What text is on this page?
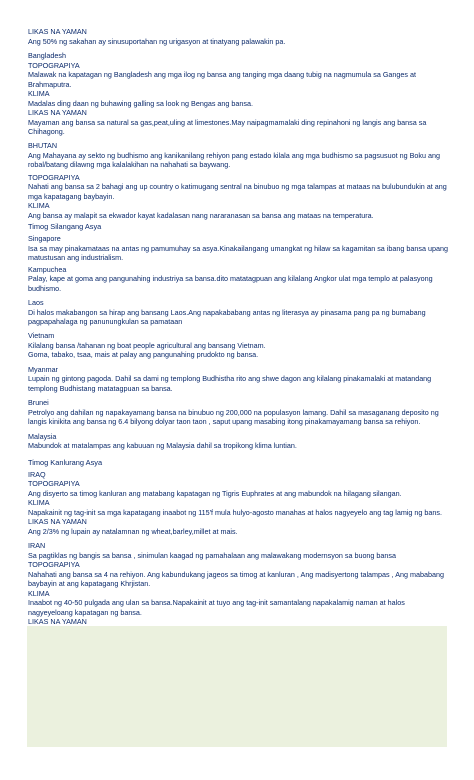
LIKAS NA YAMAN

Ang 50% ng sakahan ay sinusuportahan ng urigasyon at tinatyang palawakin pa.

Bangladesh

TOPOGRAPIYA

Malawak na kapatagan ng Bangladesh ang mga ilog ng bansa ang tanging mga daang tubig na nagmumula sa Ganges at Brahmaputra.

KLIMA

Madalas ding daan ng buhawing galling sa look ng Bengas ang bansa.

LIKAS NA YAMAN

Mayaman ang bansa sa natural sa gas,peat,uling at limestones.May naipagmamalaki ding repinahoni ng langis ang bansa sa Chihagong.

BHUTAN

Ang Mahayana ay sekto ng budhismo ang kanikanilang rehiyon pang estado kilala ang mga budhismo sa pagsusuot ng Boku ang robal/batang dilawng mga kalalakihan na nahahati sa baywang.

TOPOGRAPIYA

Nahati ang bansa sa 2 bahagi ang up country o katimugang sentral na binubuo ng mga talampas at mataas na bulubundukin at ang mga kapatagang baybayin.

KLIMA

Ang bansa ay malapit sa ekwador kayat kadalasan nang nararanasan sa bansa ang mataas na temperatura.

Timog Silangang Asya

Singapore

Isa sa may pinakamataas na antas ng pamumuhay sa asya.Kinakailangang umangkat ng hilaw sa kagamitan sa ibang bansa upang matustusan ang industrialism.

Kampuchea

Palay, kape at goma ang pangunahing industriya sa bansa.dito matatagpuan ang kilalang Angkor ulat mga templo at palasyong budhismo.

Laos

Di halos makabangon sa hirap ang bansang Laos.Ang napakababang antas ng literasya ay pinasama pang pa ng bumabang pagpapahalaga ng panunungkulan sa pamataan

Vietnam

Kilalang bansa /tahanan ng boat people agricultural ang bansang Vietnam.

Goma, tabako, tsaa, mais at palay ang pangunahing prudokto ng bansa.

Myanmar

Lupain ng gintong pagoda. Dahil sa dami ng templong Budhistha rito ang shwe dagon ang kilalang pinakamalaki at matandang templong Budhistang matatagpuan sa bansa.

Brunei

Petrolyo ang dahilan ng napakayamang bansa na binubuo ng 200,000 na populasyon lamang. Dahil sa masaganang deposito ng langis kinikita ang bansa ng 6.4 bilyong dolyar taon taon , saput upang masabing itong pinakamayamang bansa sa rehiyon.

Malaysia

Mabundok at matalampas ang kabuuan ng Malaysia dahil sa tropikong klima luntian.

Timog Kanlurang Asya

IRAQ

TOPOGRAPIYA

Ang disyerto sa timog kanluran ang matabang kapatagan ng Tigris Euphrates at ang mabundok na hilagang silangan.

KLIMA

Napakainit ng tag-init sa mga kapatagang inaabot ng 115'f mula hulyo-agosto manahas at halos nagyeyelo ang tag lamig ng bans.

LIKAS NA YAMAN

Ang 2/3% ng lupain ay natalamnan ng wheat,barley,millet at mais.

IRAN

Sa pagtiklas ng bangis sa bansa , sinimulan kaagad ng pamahalaan ang malawakang modernsyon sa buong bansa

TOPOGRAPIYA

Nahahati ang bansa sa 4 na rehiyon. Ang kabundukang jageos sa timog at kanluran , Ang madisyertong talampas , Ang mababang baybayin at ang kapatagang Khrjistan.

KLIMA

Inaabot ng 40-50 pulgada ang ulan sa bansa.Napakainit at tuyo ang tag-init samantalang napakalamig naman at halos nagyeyeloang kapatagan ng bansa.

LIKAS NA YAMAN
